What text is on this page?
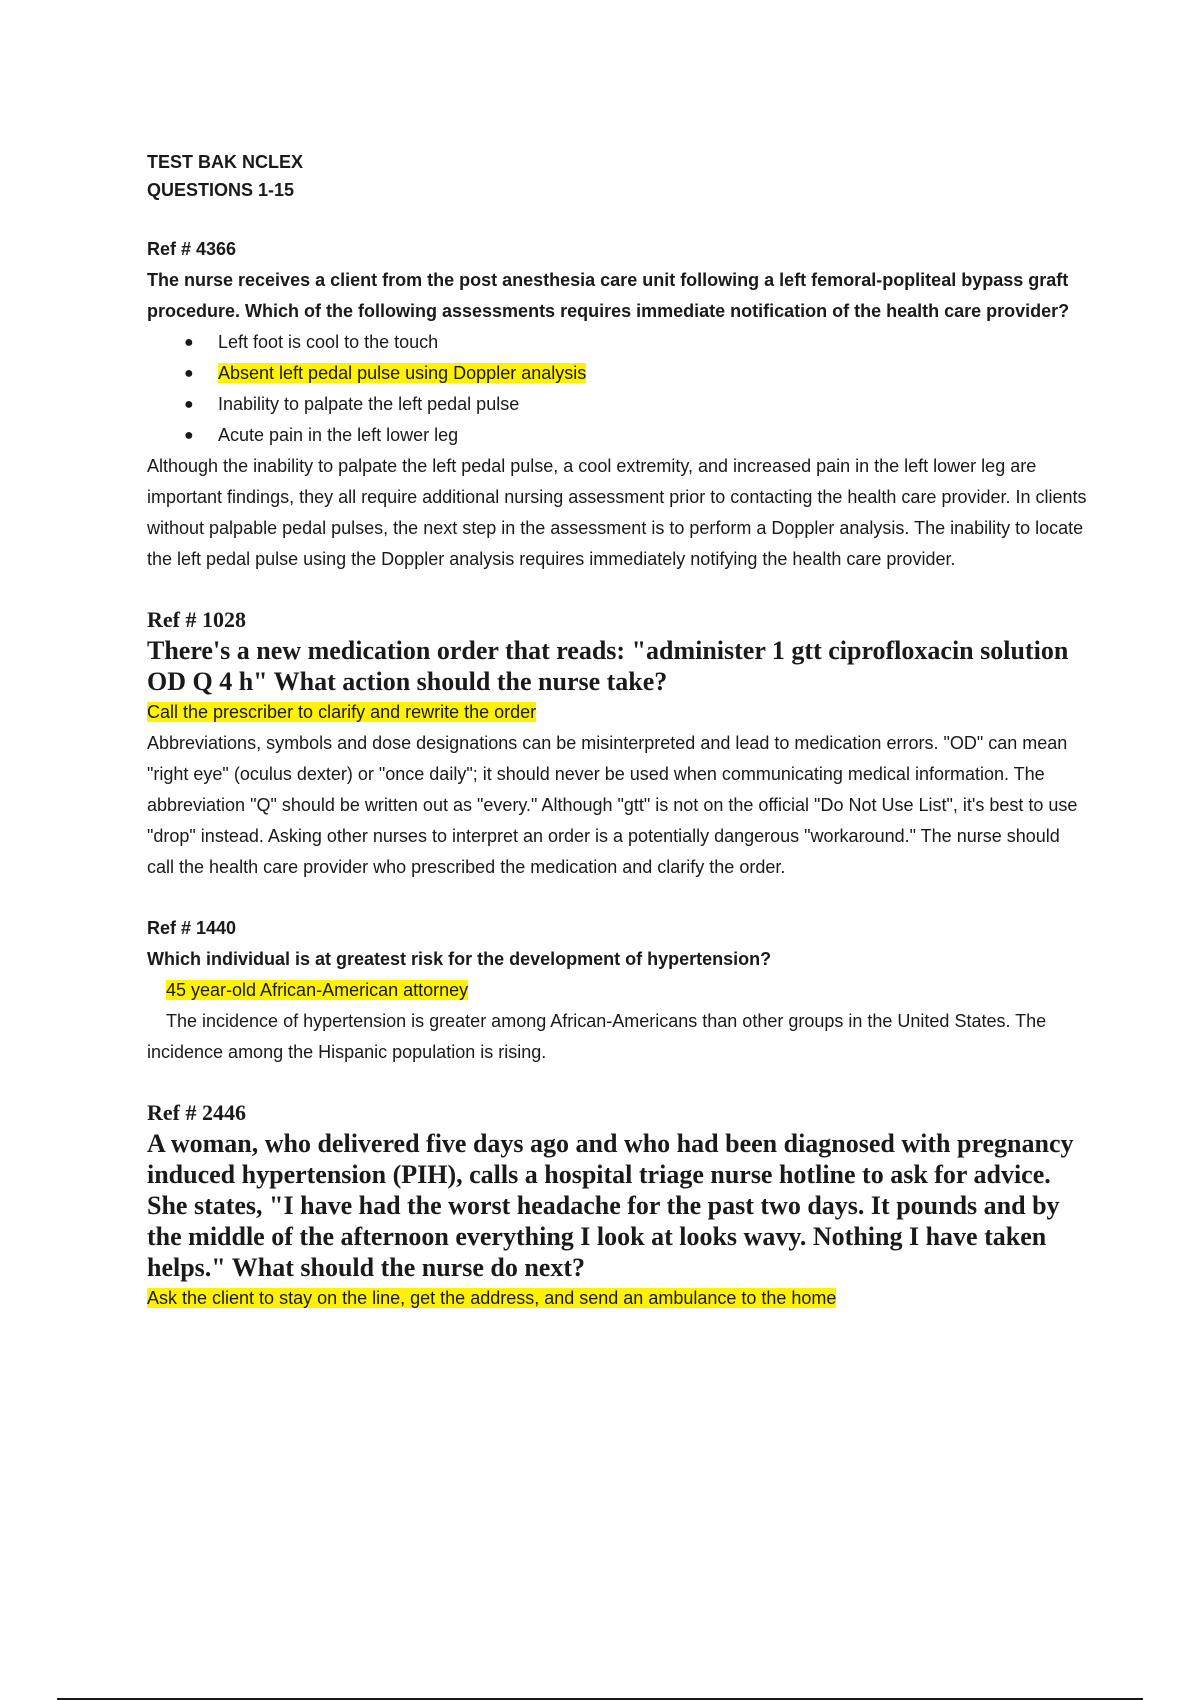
TEST BAK NCLEX
QUESTIONS 1-15
Ref # 4366
The nurse receives a client from the post anesthesia care unit following a left femoral-popliteal bypass graft procedure. Which of the following assessments requires immediate notification of the health care provider?
● Left foot is cool to the touch
● Absent left pedal pulse using Doppler analysis
● Inability to palpate the left pedal pulse
● Acute pain in the left lower leg
Although the inability to palpate the left pedal pulse, a cool extremity, and increased pain in the left lower leg are important findings, they all require additional nursing assessment prior to contacting the health care provider. In clients without palpable pedal pulses, the next step in the assessment is to perform a Doppler analysis. The inability to locate the left pedal pulse using the Doppler analysis requires immediately notifying the health care provider.
Ref # 1028
There's a new medication order that reads: "administer 1 gtt ciprofloxacin solution OD Q 4 h" What action should the nurse take?
Call the prescriber to clarify and rewrite the order
Abbreviations, symbols and dose designations can be misinterpreted and lead to medication errors. "OD" can mean "right eye" (oculus dexter) or "once daily"; it should never be used when communicating medical information. The abbreviation "Q" should be written out as "every." Although "gtt" is not on the official "Do Not Use List", it's best to use "drop" instead. Asking other nurses to interpret an order is a potentially dangerous "workaround." The nurse should call the health care provider who prescribed the medication and clarify the order.
Ref # 1440
Which individual is at greatest risk for the development of hypertension?
45 year-old African-American attorney
The incidence of hypertension is greater among African-Americans than other groups in the United States. The incidence among the Hispanic population is rising.
Ref # 2446
A woman, who delivered five days ago and who had been diagnosed with pregnancy induced hypertension (PIH), calls a hospital triage nurse hotline to ask for advice. She states, "I have had the worst headache for the past two days. It pounds and by the middle of the afternoon everything I look at looks wavy. Nothing I have taken helps." What should the nurse do next?
Ask the client to stay on the line, get the address, and send an ambulance to the home
